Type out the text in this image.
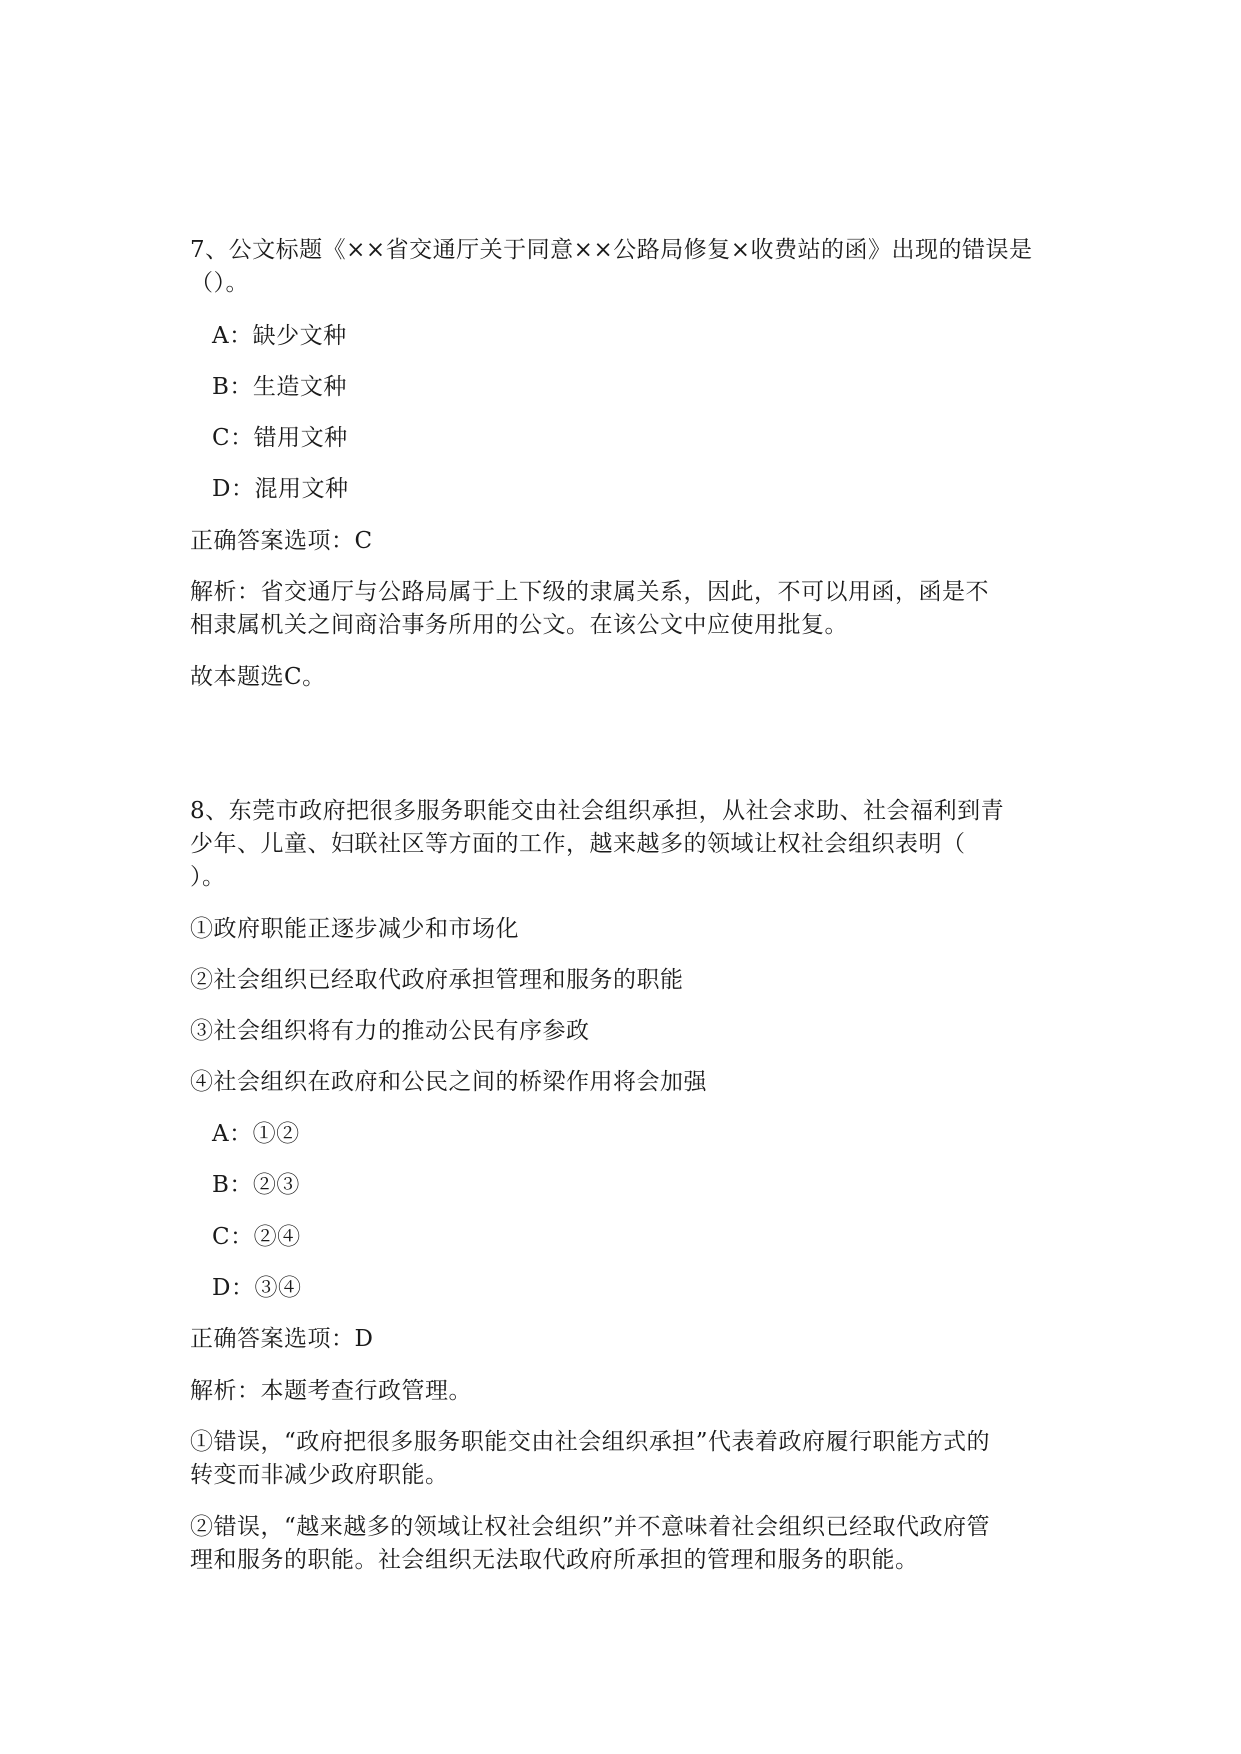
7、公文标题《××省交通厅关于同意××公路局修复×收费站的函》出现的错误是
（）。
A：缺少文种
B：生造文种
C：错用文种
D：混用文种
正确答案选项：C
解析：省交通厅与公路局属于上下级的隶属关系，因此，不可以用函，函是不
相隶属机关之间商洽事务所用的公文。在该公文中应使用批复。
故本题选C。
8、东莞市政府把很多服务职能交由社会组织承担，从社会求助、社会福利到青
少年、儿童、妇联社区等方面的工作，越来越多的领域让权社会组织表明（
）。
①政府职能正逐步减少和市场化
②社会组织已经取代政府承担管理和服务的职能
③社会组织将有力的推动公民有序参政
④社会组织在政府和公民之间的桥梁作用将会加强
A：①②
B：②③
C：②④
D：③④
正确答案选项：D
解析：本题考查行政管理。
①错误，“政府把很多服务职能交由社会组织承担”代表着政府履行职能方式的
转变而非减少政府职能。
②错误，“越来越多的领域让权社会组织”并不意味着社会组织已经取代政府管
理和服务的职能。社会组织无法取代政府所承担的管理和服务的职能。
